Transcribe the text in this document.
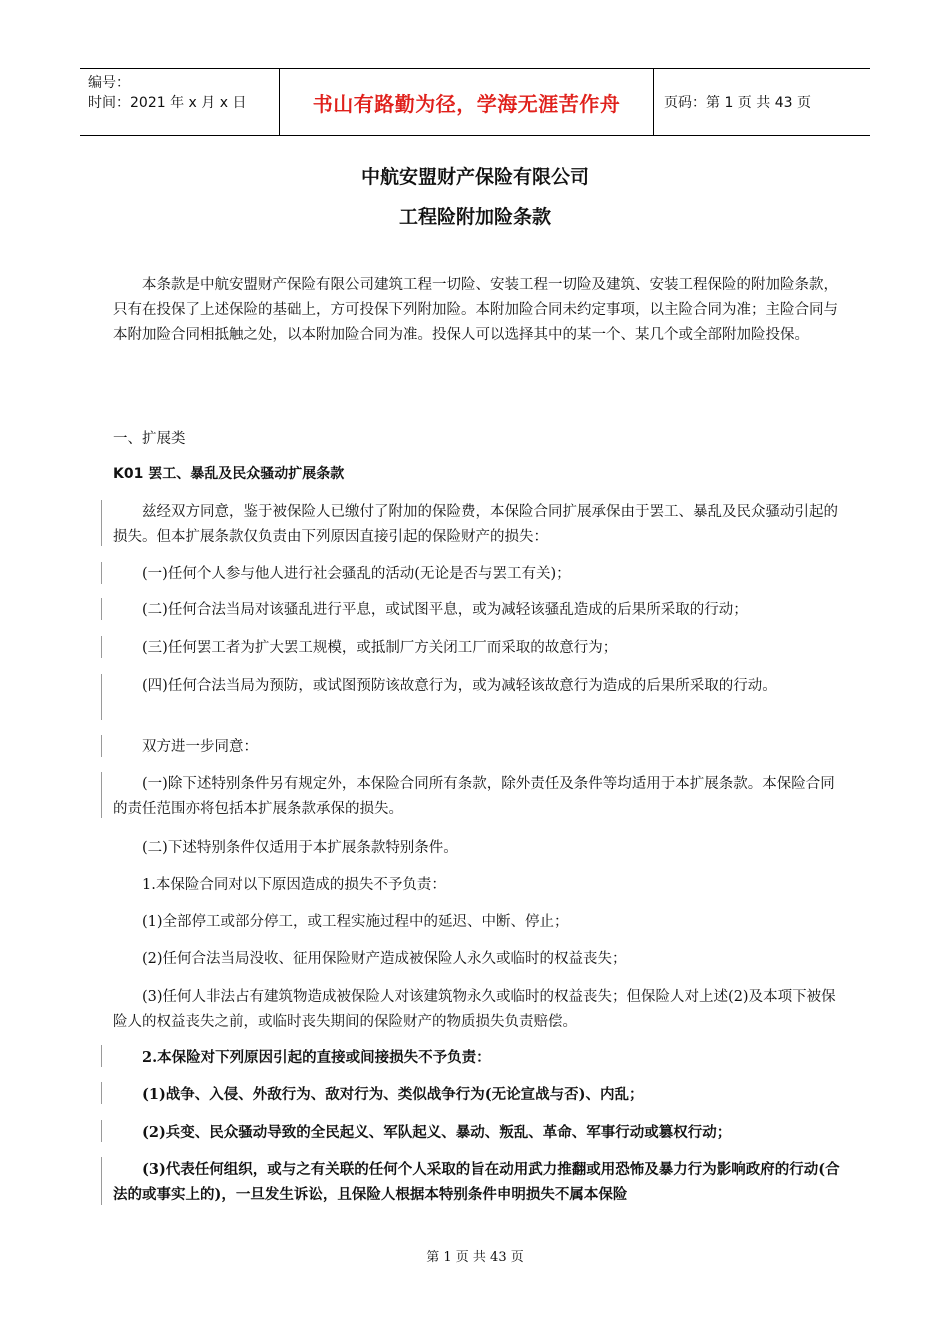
编号：
时间：2021 年 x 月 x 日	书山有路勤为径，学海无涯苦作舟	页码：第 1 页 共 43 页
中航安盟财产保险有限公司
工程险附加险条款
本条款是中航安盟财产保险有限公司建筑工程一切险、安装工程一切险及建筑、安装工程保险的附加险条款，只有在投保了上述保险的基础上，方可投保下列附加险。本附加险合同未约定事项，以主险合同为准；主险合同与本附加险合同相抵触之处，以本附加险合同为准。投保人可以选择其中的某一个、某几个或全部附加险投保。
一、扩展类
K01 罢工、暴乱及民众骚动扩展条款
兹经双方同意，鉴于被保险人已缴付了附加的保险费，本保险合同扩展承保由于罢工、暴乱及民众骚动引起的损失。但本扩展条款仅负责由下列原因直接引起的保险财产的损失：
(一)任何个人参与他人进行社会骚乱的活动(无论是否与罢工有关)；
(二)任何合法当局对该骚乱进行平息，或试图平息，或为减轻该骚乱造成的后果所采取的行动；
(三)任何罢工者为扩大罢工规模，或抵制厂方关闭工厂而采取的故意行为；
(四)任何合法当局为预防，或试图预防该故意行为，或为减轻该故意行为造成的后果所采取的行动。
双方进一步同意：
(一)除下述特别条件另有规定外，本保险合同所有条款，除外责任及条件等均适用于本扩展条款。本保险合同的责任范围亦将包括本扩展条款承保的损失。
(二)下述特别条件仅适用于本扩展条款特别条件。
1.本保险合同对以下原因造成的损失不予负责：
(1)全部停工或部分停工，或工程实施过程中的延迟、中断、停止；
(2)任何合法当局没收、征用保险财产造成被保险人永久或临时的权益丧失；
(3)任何人非法占有建筑物造成被保险人对该建筑物永久或临时的权益丧失；但保险人对上述(2)及本项下被保险人的权益丧失之前，或临时丧失期间的保险财产的物质损失负责赔偿。
2.本保险对下列原因引起的直接或间接损失不予负责：
(1)战争、入侵、外敌行为、敌对行为、类似战争行为(无论宣战与否)、内乱；
(2)兵变、民众骚动导致的全民起义、军队起义、暴动、叛乱、革命、军事行动或篡权行动；
(3)代表任何组织，或与之有关联的任何个人采取的旨在动用武力推翻或用恐怖及暴力行为影响政府的行动(合法的或事实上的)，一旦发生诉讼，且保险人根据本特别条件申明损失不属本保险
第 1 页 共 43 页
